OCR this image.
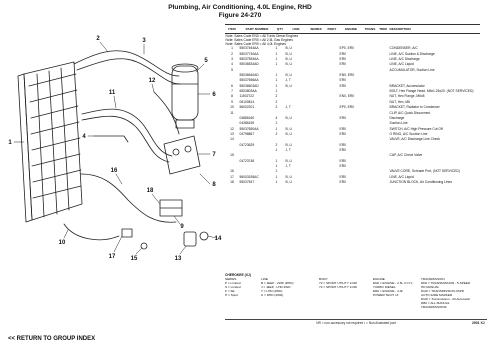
Plumbing, Air Conditioning, 4.0L Engine, RHD
Figure 24-270
1
2	3
5
6
7
8
12
11
4
18
17	13
14
15
10
16
9
ITEM	PART NUMBER	QTY	LINE	SERIES	BODY	ENGINE	TRANS	TRIM	DESCRIPTION
Note: Sales Code EN0 = All Turbo Diesel Engines									
Note: Sales Code ER0 = All 2.5L Gas Engines									
Note: Sales Code ER0 = All 4.0L Engines									
1	55037454AA	1	B, U			EP0, ER0			CONDENSER, A/C
2	55037740AA	1	B, U			ER0			LINE, A/C Suction & Discharge
3	55037553AA	1	B, U			ER0			LINE, A/C Discharge
4	55036534AD	1	B, U			ER0			LINE, A/C Liquid
5									ACCUMULATOR, Suction Line
	55036640AD	1	B, U			EN0, ER0			
	55037656AA	1	J, T			ER0			
6	55036603AD	1	B, U			ER0			BRACKET, Accumulator
7	6503803AA	1							BOLT, Hex Flange Head, M6x1.25x20. (NOT SERVICED)
8	11502722	2				EN0, ER0			NUT, Hex Flange, M6x8
9	06100814	2							NUT, Hex, M6
10	56002201	2	J, T			EP0, ER0			BRACKET, Radiator to Condenser
11									CLIP, A/C Quick Disconnect
	04886160	4	B, U			ER0			Discharge
	04386159	1							Suction Line
12	55037650AA	1	B, U			ER0			SWITCH, A/C High Pressure Cut Off
13	04798867	2	B, U			ER0			O RING, A/C Suction Line
14									VALVE, A/C Discharge Line Check
	04723629	2	B, U			ER0			
		1	J, T			ER0			
15									CAP, A/C Check Valve
	04723748	1	B, U			ER0			
		1	J, T			ER0			
16		1							VALVE CORE, Schrade Port, (NOT SERVICED)
17	56003155AC	1	B, U			ER0			LINE, A/C Liquid
18	55037547	1	B, U			ER0			JUNCTION BLOCK, Air Conditioning Lines
CHEROKEE (XJ)
SERIES
P = Limited
S = Limited
F = SE
H = Sport
LINE
B = JEEP - 2WD (RHD)
J = JEEP - LHD 4WD
T = LHD (2WD)
U = RHD (4WD)
BODY
72 = SPORT UTILITY 2-DR
74 = SPORT UTILITY 4-DR
ENGINE
EN0 = ENGINE - 2.5L 4 CYL
TURBO DIESEL
ER0 = ENGINE - 4.0L
POWER TECH I-6
TRANSMISSION
DD0 = TRANSMISSION - 5-SPEED
HD MANUAL
DGD = TRANSMISSION-4SPD
AUTO 42RE MARKER
DGD = Transmission - All Automatic
DB0 = ALL MANUAL
TRANSMISSIONS
NR = non-accessory not required • = Non-illustrated part	2001 XJ
<< RETURN TO GROUP INDEX
